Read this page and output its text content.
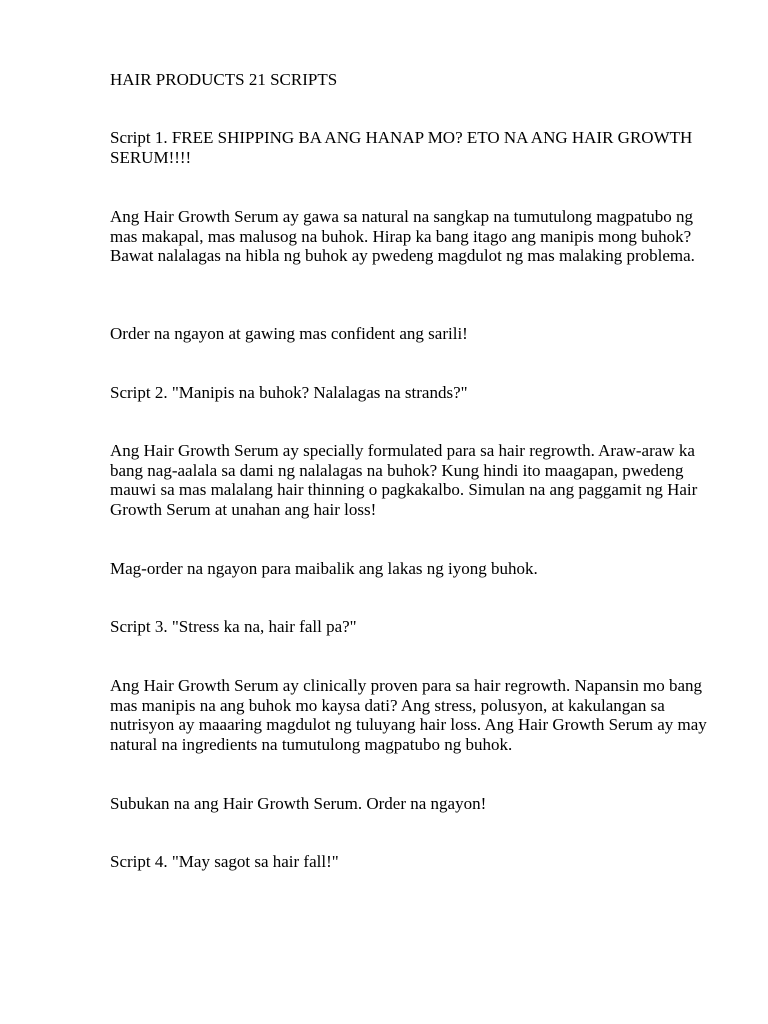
HAIR PRODUCTS 21 SCRIPTS

Script 1. FREE SHIPPING BA ANG HANAP MO? ETO NA ANG HAIR GROWTH SERUM!!!!

Ang Hair Growth Serum ay gawa sa natural na sangkap na tumutulong magpatubo ng mas makapal, mas malusog na buhok. Hirap ka bang itago ang manipis mong buhok? Bawat nalalagas na hibla ng buhok ay pwedeng magdulot ng mas malaking problema.

Order na ngayon at gawing mas confident ang sarili!

Script 2. "Manipis na buhok? Nalalagas na strands?"

Ang Hair Growth Serum ay specially formulated para sa hair regrowth. Araw-araw ka bang nag-aalala sa dami ng nalalagas na buhok? Kung hindi ito maagapan, pwedeng mauwi sa mas malalang hair thinning o pagkakalbo. Simulan na ang paggamit ng Hair Growth Serum at unahan ang hair loss!

Mag-order na ngayon para maibalik ang lakas ng iyong buhok.

Script 3. "Stress ka na, hair fall pa?"

Ang Hair Growth Serum ay clinically proven para sa hair regrowth. Napansin mo bang mas manipis na ang buhok mo kaysa dati? Ang stress, polusyon, at kakulangan sa nutrisyon ay maaaring magdulot ng tuluyang hair loss. Ang Hair Growth Serum ay may natural na ingredients na tumutulong magpatubo ng buhok.

Subukan na ang Hair Growth Serum. Order na ngayon!

Script 4. "May sagot sa hair fall!"
